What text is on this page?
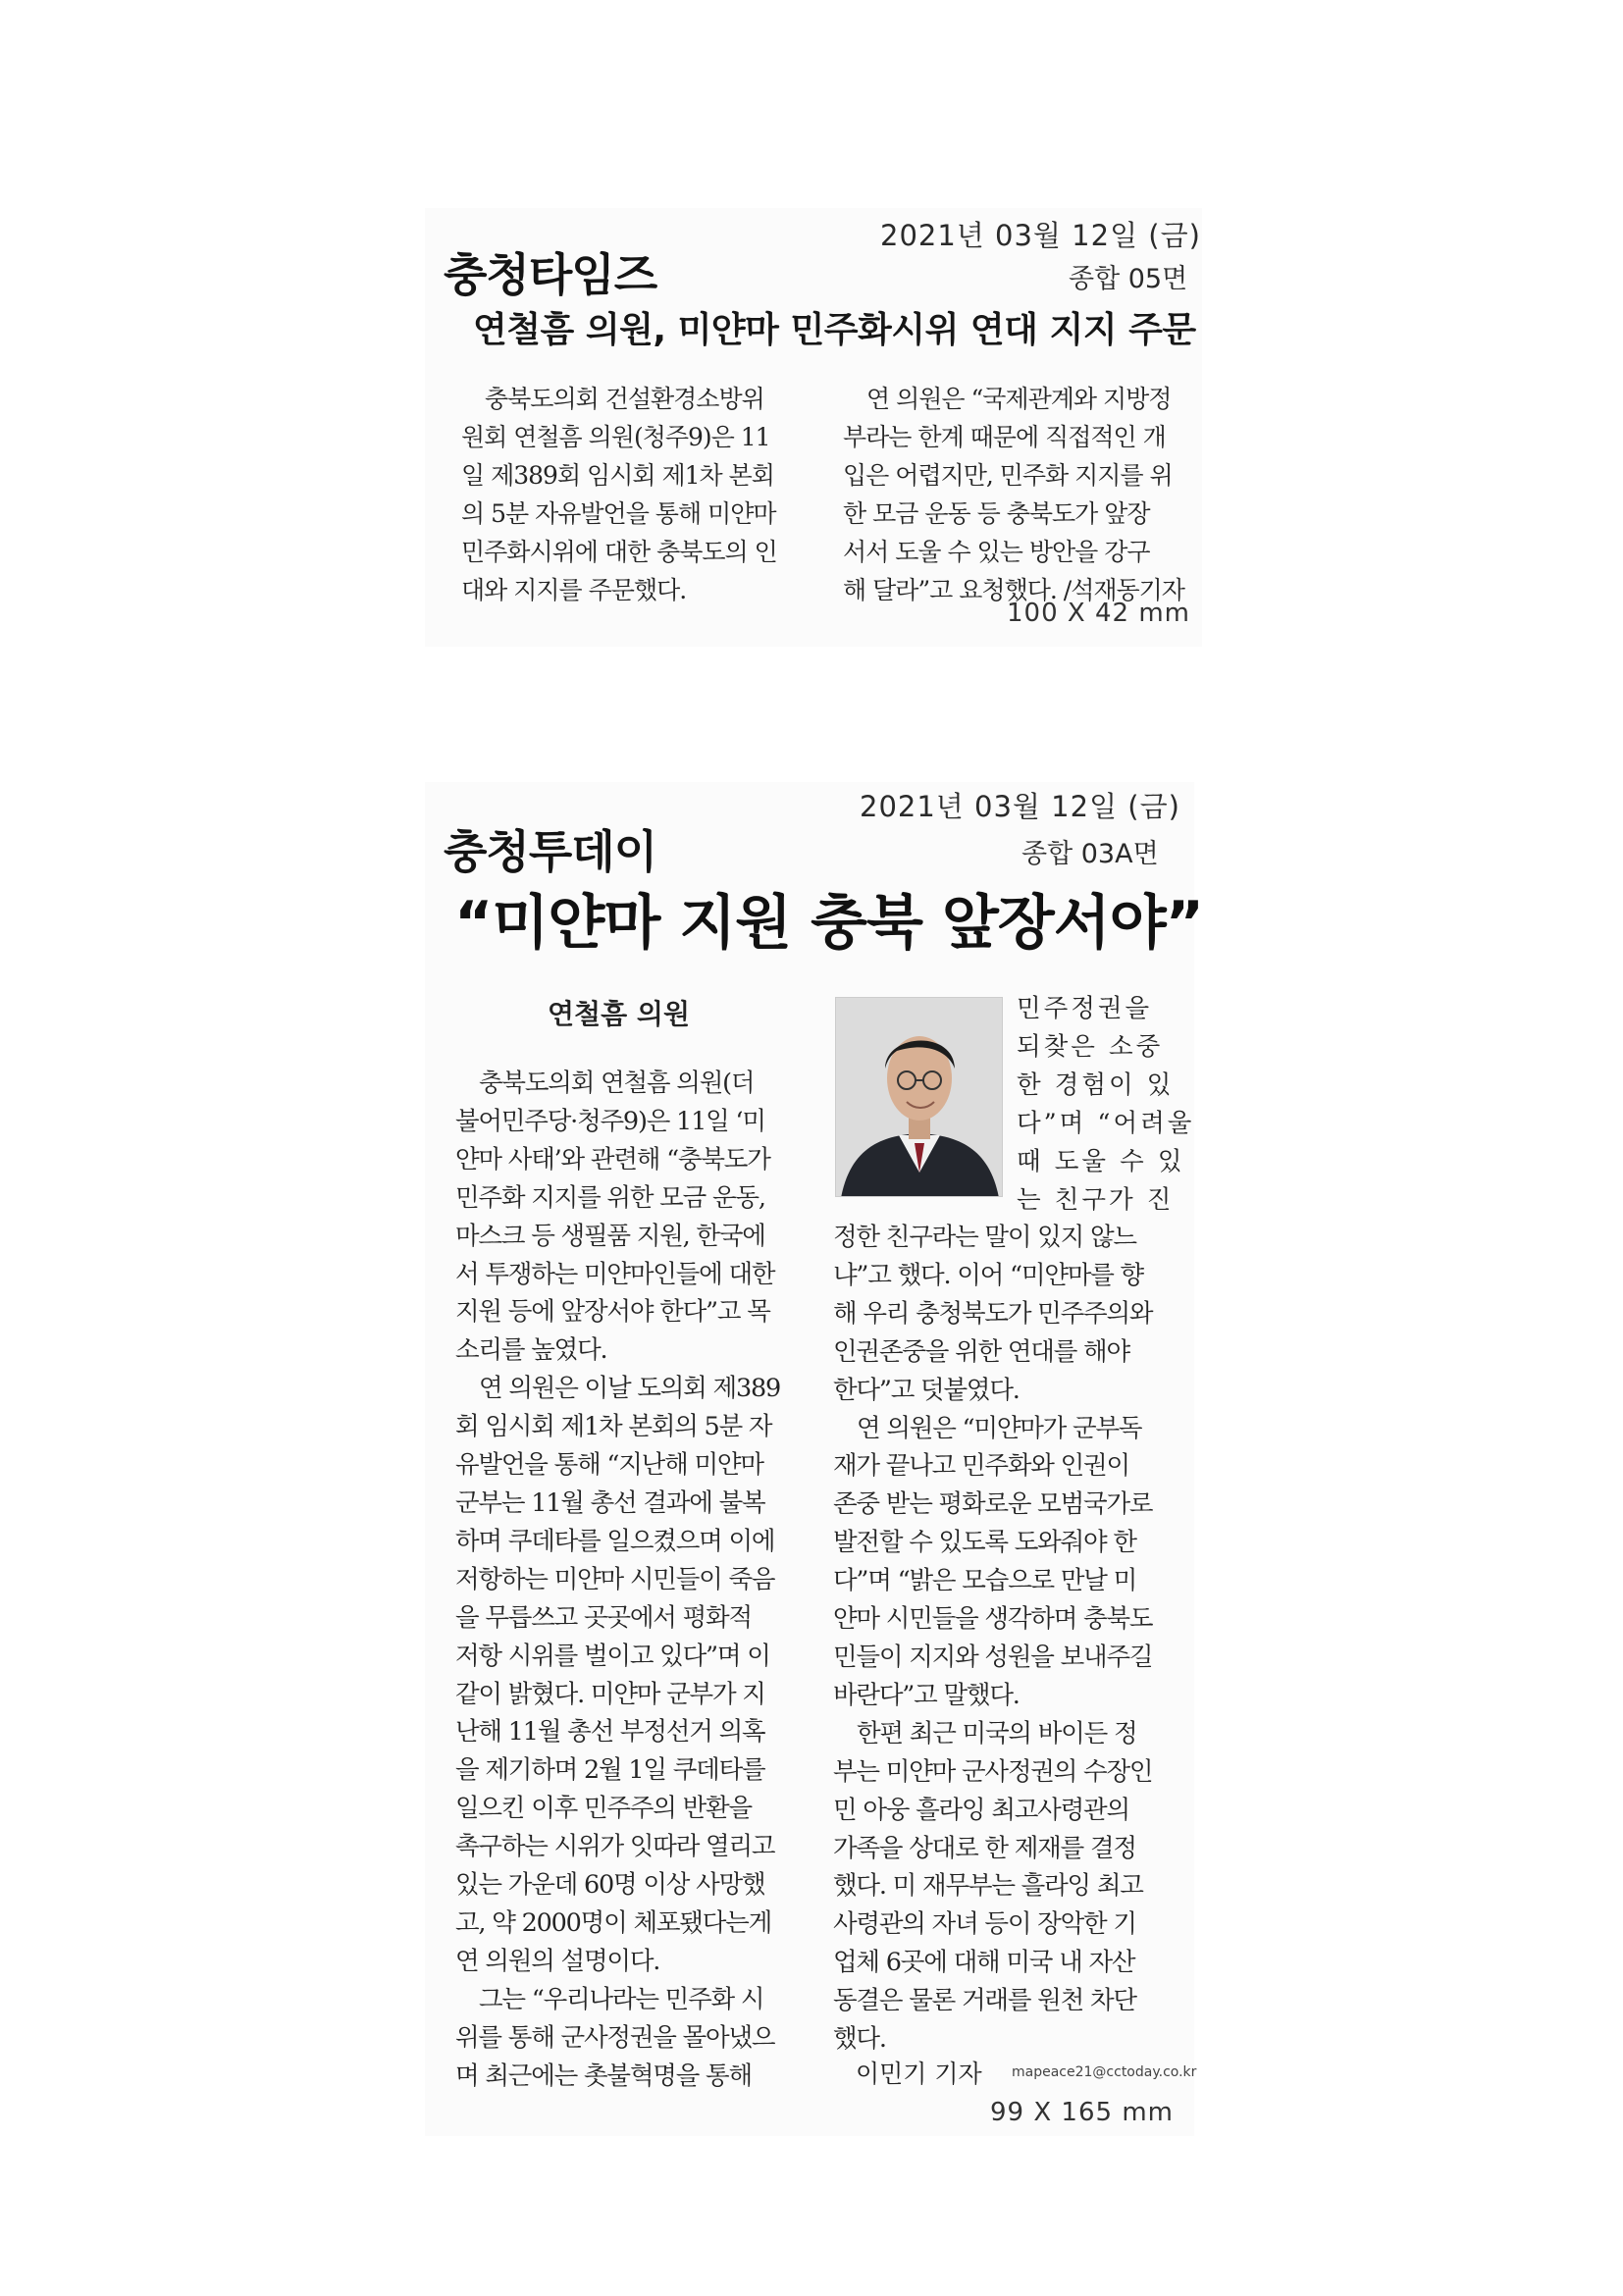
2021년 03월 12일 (금)
충청타임즈	종합 05면
연철흠 의원, 미얀마 민주화시위 연대 지지 주문
충북도의회 건설환경소방위
원회 연철흠 의원(청주9)은 11
일 제389회 임시회 제1차 본회
의 5분 자유발언을 통해 미얀마
민주화시위에 대한 충북도의 인
대와 지지를 주문했다.
연 의원은 “국제관계와 지방정
부라는 한계 때문에 직접적인 개
입은 어렵지만, 민주화 지지를 위
한 모금 운동 등 충북도가 앞장
서서 도울 수 있는 방안을 강구
해 달라”고 요청했다. /석재동기자
100 X 42 mm
2021년 03월 12일 (금)
충청투데이	종합 03A면
“미얀마 지원 충북 앞장서야”
연철흠 의원
충북도의회 연철흠 의원(더
불어민주당·청주9)은 11일 ‘미
얀마 사태’와 관련해 “충북도가
민주화 지지를 위한 모금 운동,
마스크 등 생필품 지원, 한국에
서 투쟁하는 미얀마인들에 대한
지원 등에 앞장서야 한다”고 목
소리를 높였다.
연 의원은 이날 도의회 제389
회 임시회 제1차 본회의 5분 자
유발언을 통해 “지난해 미얀마
군부는 11월 총선 결과에 불복
하며 쿠데타를 일으켰으며 이에
저항하는 미얀마 시민들이 죽음
을 무릅쓰고 곳곳에서 평화적
저항 시위를 벌이고 있다”며 이
같이 밝혔다. 미얀마 군부가 지
난해 11월 총선 부정선거 의혹
을 제기하며 2월 1일 쿠데타를
일으킨 이후 민주주의 반환을
촉구하는 시위가 잇따라 열리고
있는 가운데 60명 이상 사망했
고, 약 2000명이 체포됐다는게
연 의원의 설명이다.
그는 “우리나라는 민주화 시
위를 통해 군사정권을 몰아냈으
며 최근에는 촛불혁명을 통해
민주정권을
되찾은 소중
한 경험이 있
다”며 “어려울
때 도울 수 있
는 친구가 진
정한 친구라는 말이 있지 않느
냐”고 했다. 이어 “미얀마를 향
해 우리 충청북도가 민주주의와
인권존중을 위한 연대를 해야
한다”고 덧붙였다.
연 의원은 “미얀마가 군부독
재가 끝나고 민주화와 인권이
존중 받는 평화로운 모범국가로
발전할 수 있도록 도와줘야 한
다”며 “밝은 모습으로 만날 미
얀마 시민들을 생각하며 충북도
민들이 지지와 성원을 보내주길
바란다”고 말했다.
한편 최근 미국의 바이든 정
부는 미얀마 군사정권의 수장인
민 아웅 흘라잉 최고사령관의
가족을 상대로 한 제재를 결정
했다. 미 재무부는 흘라잉 최고
사령관의 자녀 등이 장악한 기
업체 6곳에 대해 미국 내 자산
동결은 물론 거래를 원천 차단
했다.
이민기 기자 mapeace21@cctoday.co.kr
99 X 165 mm
